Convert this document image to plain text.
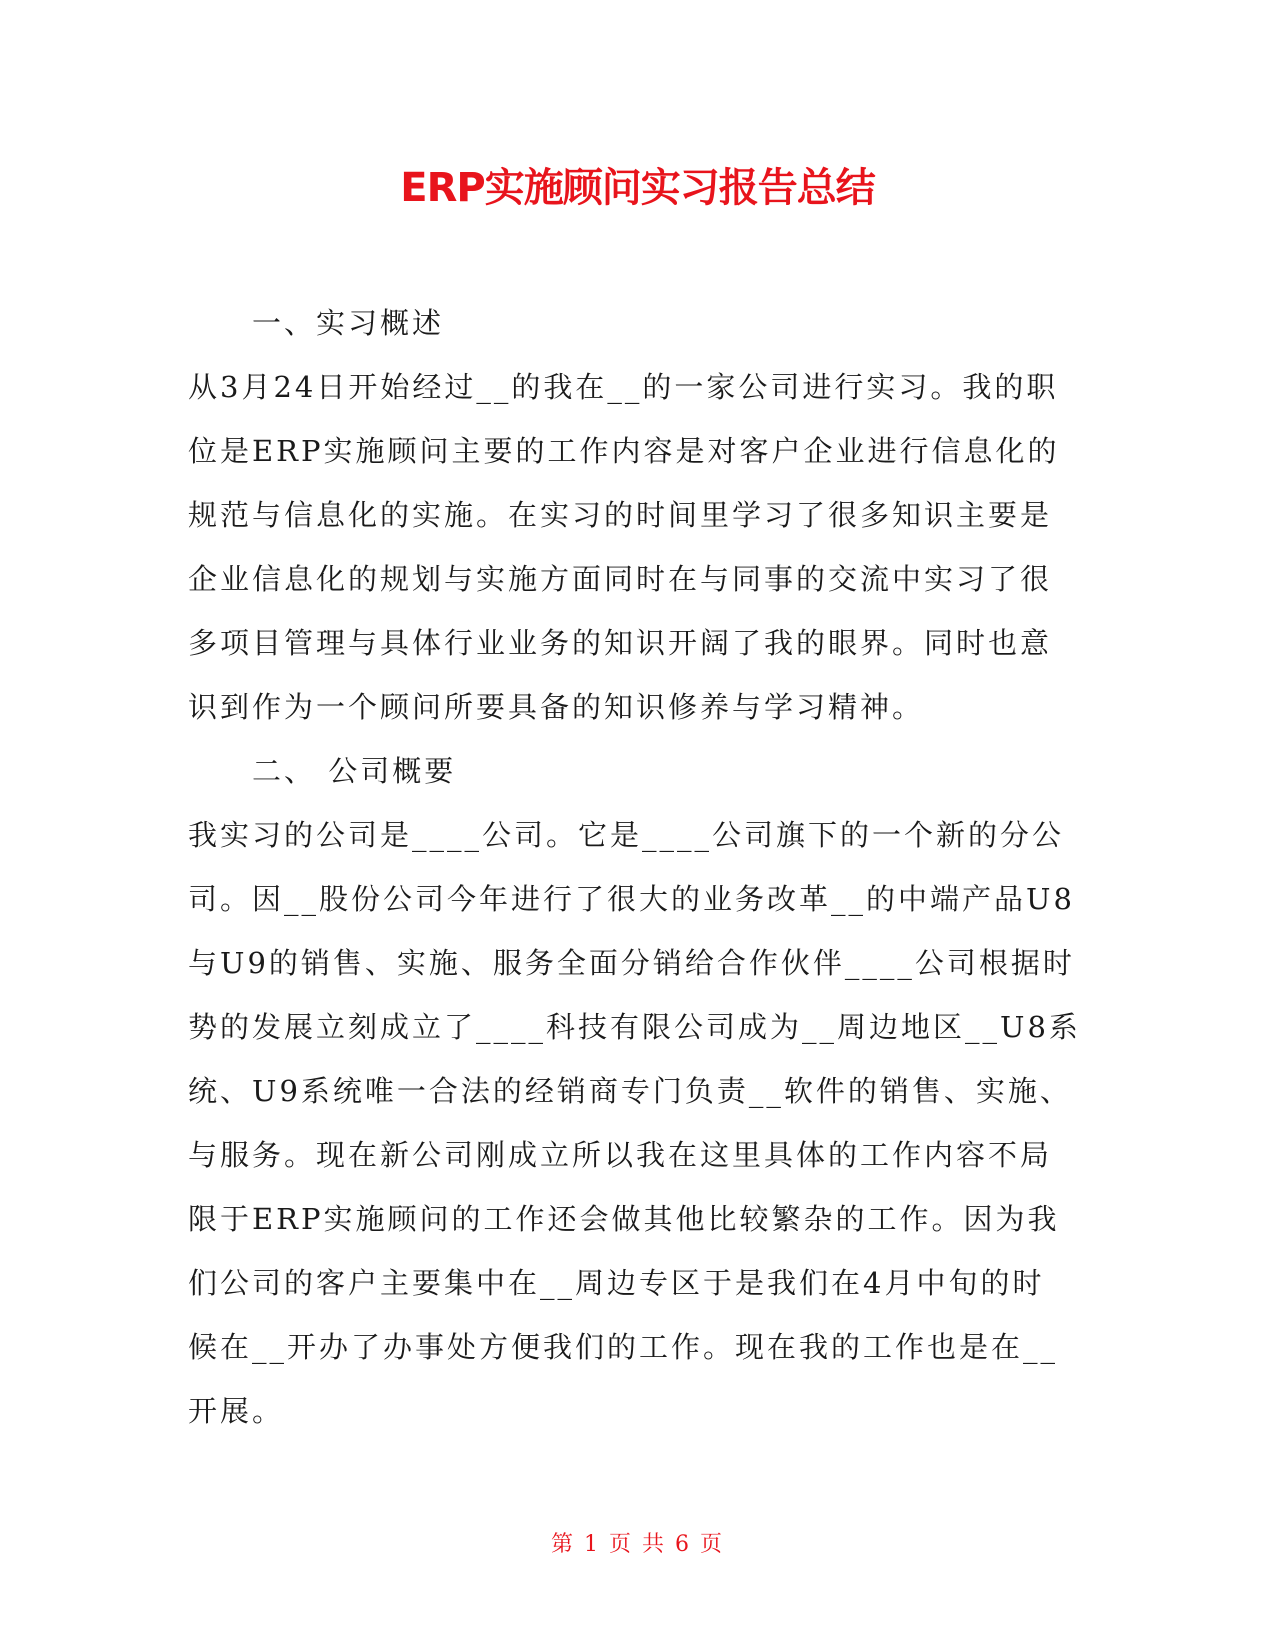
ERP实施顾问实习报告总结
一、实习概述
从3月24日开始经过__的我在__的一家公司进行实习。我的职
位是ERP实施顾问主要的工作内容是对客户企业进行信息化的
规范与信息化的实施。在实习的时间里学习了很多知识主要是
企业信息化的规划与实施方面同时在与同事的交流中实习了很
多项目管理与具体行业业务的知识开阔了我的眼界。同时也意
识到作为一个顾问所要具备的知识修养与学习精神。
二、 公司概要
我实习的公司是____公司。它是____公司旗下的一个新的分公
司。因__股份公司今年进行了很大的业务改革__的中端产品U8
与U9的销售、实施、服务全面分销给合作伙伴____公司根据时
势的发展立刻成立了____科技有限公司成为__周边地区__U8系
统、U9系统唯一合法的经销商专门负责__软件的销售、实施、
与服务。现在新公司刚成立所以我在这里具体的工作内容不局
限于ERP实施顾问的工作还会做其他比较繁杂的工作。因为我
们公司的客户主要集中在__周边专区于是我们在4月中旬的时
候在__开办了办事处方便我们的工作。现在我的工作也是在__
开展。
第 1 页 共 6 页
